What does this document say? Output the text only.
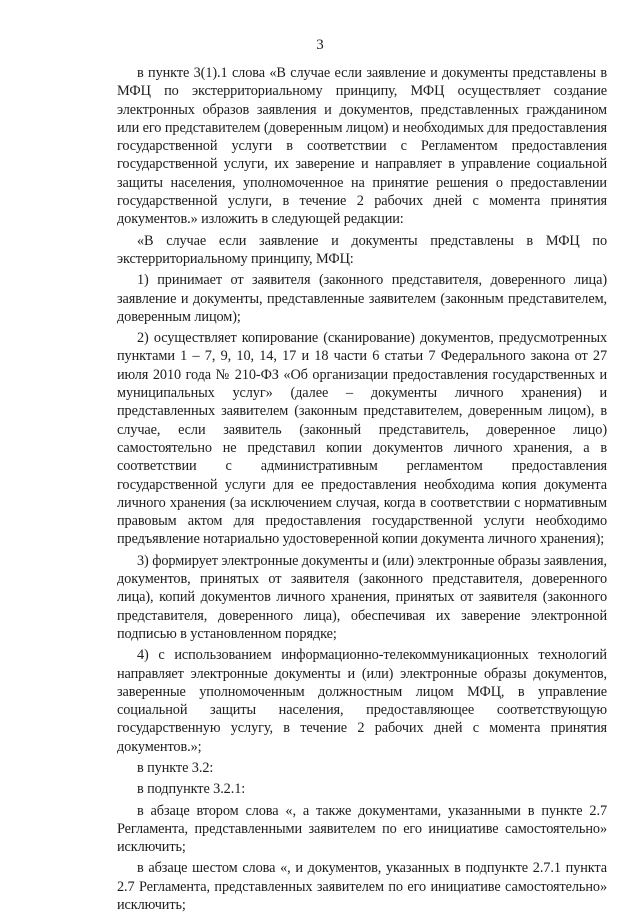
3

в пункте 3(1).1 слова «В случае если заявление и документы представлены в МФЦ по экстерриториальному принципу, МФЦ осуществляет создание электронных образов заявления и документов, представленных гражданином или его представителем (доверенным лицом) и необходимых для предоставления государственной услуги в соответствии с Регламентом предоставления государственной услуги, их заверение и направляет в управление социальной защиты населения, уполномоченное на принятие решения о предоставлении государственной услуги, в течение 2 рабочих дней с момента принятия документов.» изложить в следующей редакции:

«В случае если заявление и документы представлены в МФЦ по экстерриториальному принципу, МФЦ:

1) принимает от заявителя (законного представителя, доверенного лица) заявление и документы, представленные заявителем (законным представителем, доверенным лицом);

2) осуществляет копирование (сканирование) документов, предусмотренных пунктами 1 – 7, 9, 10, 14, 17 и 18 части 6 статьи 7 Федерального закона от 27 июля 2010 года № 210-ФЗ «Об организации предоставления государственных и муниципальных услуг» (далее – документы личного хранения) и представленных заявителем (законным представителем, доверенным лицом), в случае, если заявитель (законный представитель, доверенное лицо) самостоятельно не представил копии документов личного хранения, а в соответствии с административным регламентом предоставления государственной услуги для ее предоставления необходима копия документа личного хранения (за исключением случая, когда в соответствии с нормативным правовым актом для предоставления государственной услуги необходимо предъявление нотариально удостоверенной копии документа личного хранения);

3) формирует электронные документы и (или) электронные образы заявления, документов, принятых от заявителя (законного представителя, доверенного лица), копий документов личного хранения, принятых от заявителя (законного представителя, доверенного лица), обеспечивая их заверение электронной подписью в установленном порядке;

4) с использованием информационно-телекоммуникационных технологий направляет электронные документы и (или) электронные образы документов, заверенные уполномоченным должностным лицом МФЦ, в управление социальной защиты населения, предоставляющее соответствующую государственную услугу, в течение 2 рабочих дней с момента принятия документов.»;

в пункте 3.2:

в подпункте 3.2.1:

в абзаце втором слова «, а также документами, указанными в пункте 2.7 Регламента, представленными заявителем по его инициативе самостоятельно» исключить;

в абзаце шестом слова «, и документов, указанных в подпункте 2.7.1 пункта 2.7 Регламента, представленных заявителем по его инициативе самостоятельно» исключить;
